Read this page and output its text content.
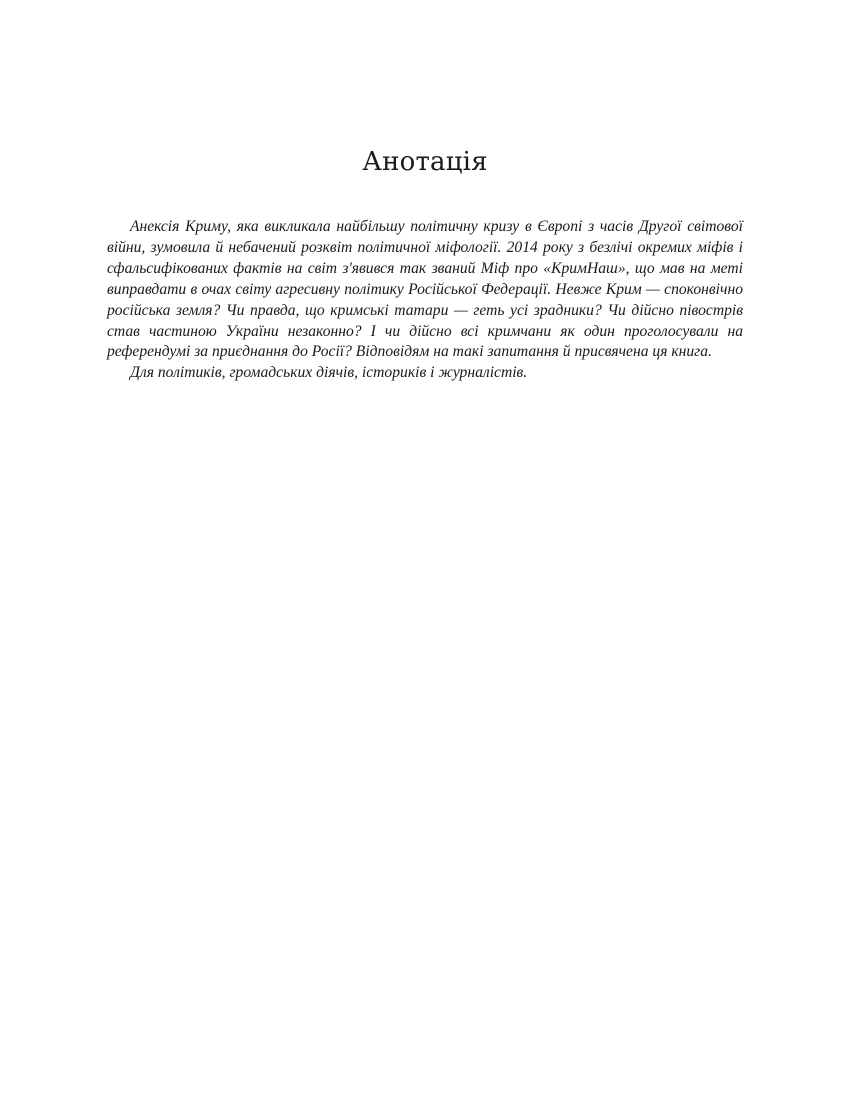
Анотація

Анексія Криму, яка викликала найбільшу політичну кризу в Європі з часів Другої світової війни, зумовила й небачений розквіт політичної міфології. 2014 року з безлічі окремих міфів і сфальсифікованих фактів на світ з'явився так званий Міф про «КримНаш», що мав на меті виправдати в очах світу агресивну політику Російської Федерації. Невже Крим — споконвічно російська земля? Чи правда, що кримські татари — геть усі зрадники? Чи дійсно півострів став частиною України незаконно? І чи дійсно всі кримчани як один проголосували на референдумі за приєднання до Росії? Відповідям на такі запитання й присвячена ця книга.

Для політиків, громадських діячів, істориків і журналістів.
